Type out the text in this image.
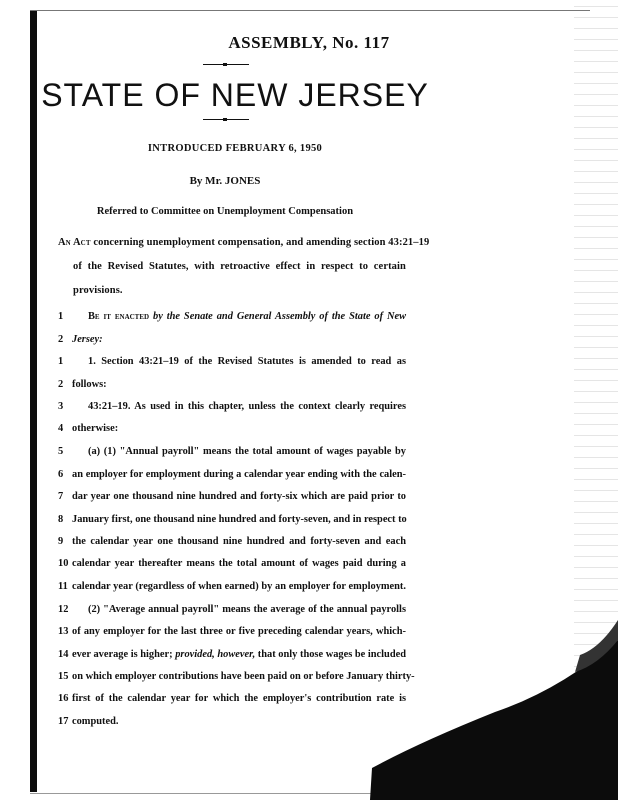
ASSEMBLY, No. 117
STATE OF NEW JERSEY
INTRODUCED FEBRUARY 6, 1950
By Mr. JONES
Referred to Committee on Unemployment Compensation
An Act concerning unemployment compensation, and amending section 43:21–19
of the Revised Statutes, with retroactive effect in respect to certain
provisions.
1	Be it enacted by the Senate and General Assembly of the State of New
2 Jersey:
1	1. Section 43:21–19 of the Revised Statutes is amended to read as
2 follows:
3	43:21–19. As used in this chapter, unless the context clearly requires
4 otherwise:
5	(a) (1) "Annual payroll" means the total amount of wages payable by
6 an employer for employment during a calendar year ending with the calen-
7 dar year one thousand nine hundred and forty-six which are paid prior to
8 January first, one thousand nine hundred and forty-seven, and in respect to
9 the calendar year one thousand nine hundred and forty-seven and each
10 calendar year thereafter means the total amount of wages paid during a
11 calendar year (regardless of when earned) by an employer for employment.
12 (2) "Average annual payroll" means the average of the annual payrolls
13 of any employer for the last three or five preceding calendar years, which-
14 ever average is higher; provided, however, that only those wages be included
15 on which employer contributions have been paid on or before January thirty-
16 first of the calendar year for which the employer's contribution rate is
17 computed.
